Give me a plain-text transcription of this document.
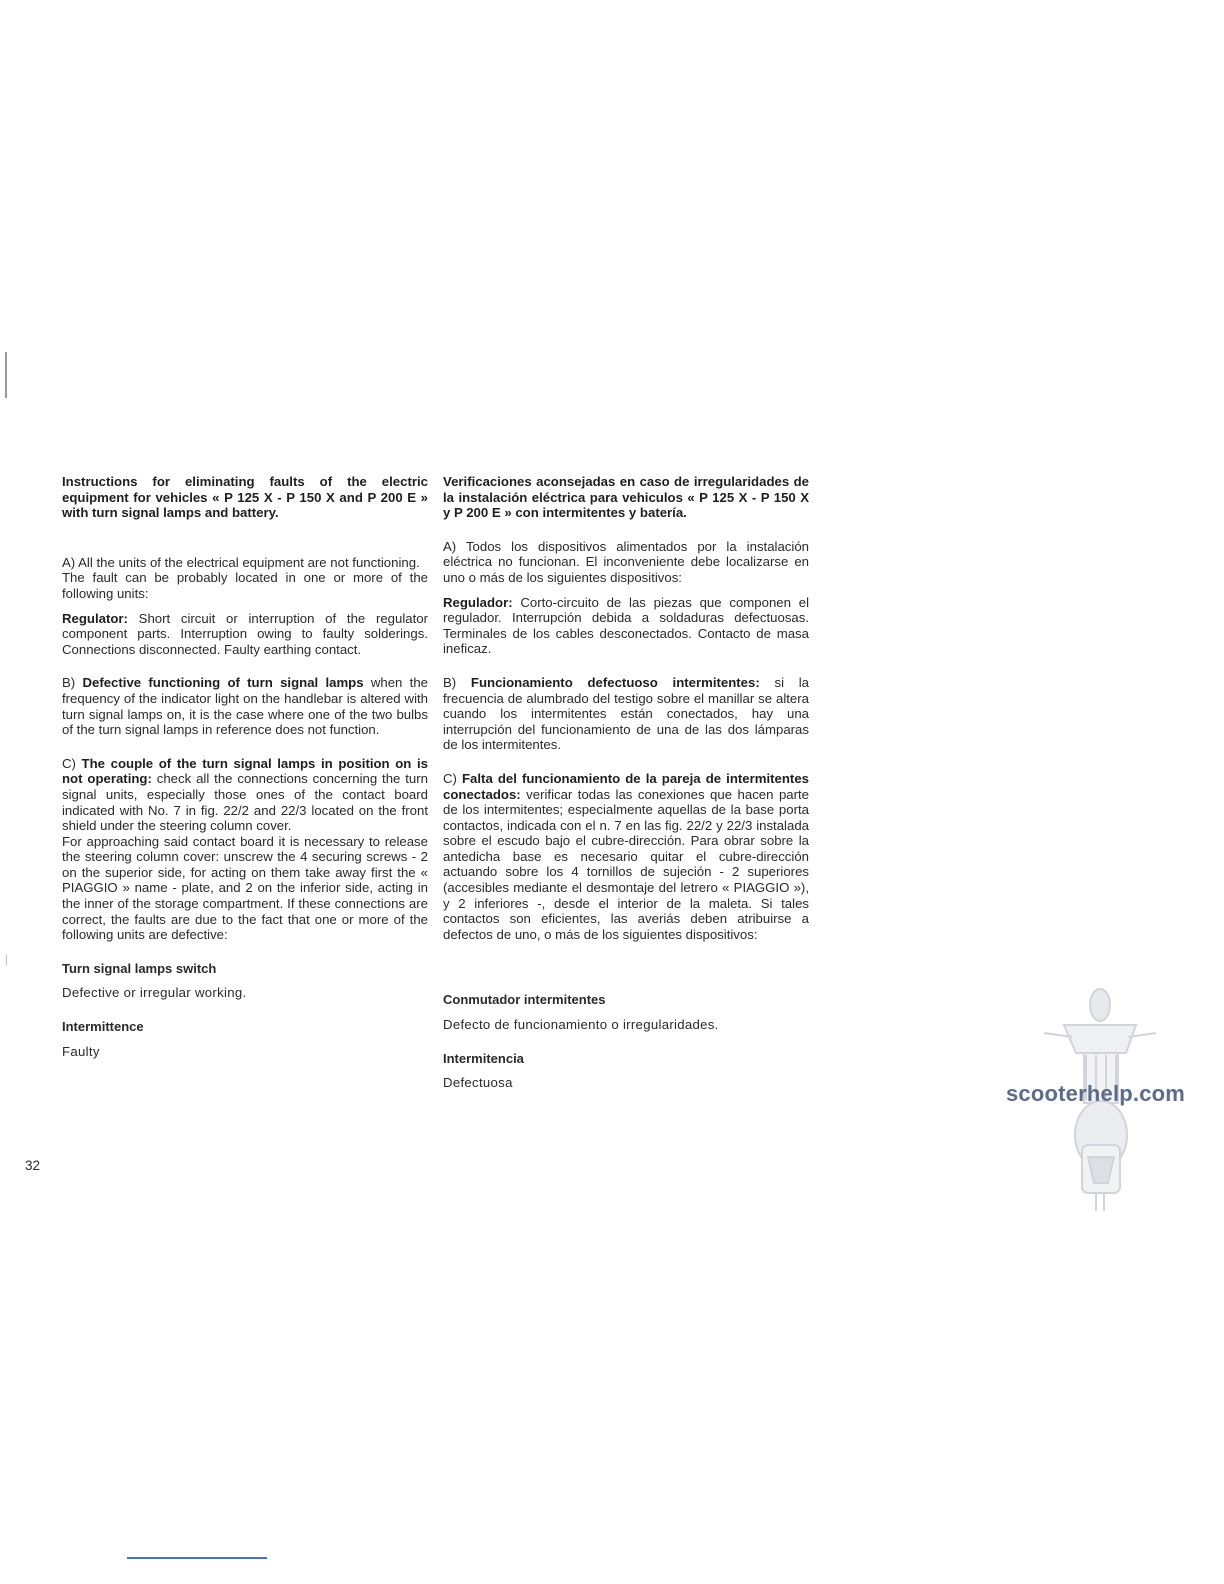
Instructions for eliminating faults of the electric equipment for vehicles « P 125 X - P 150 X and P 200 E » with turn signal lamps and battery.

A) All the units of the electrical equipment are not functioning.

The fault can be probably located in one or more of the following units:

Regulator: Short circuit or interruption of the regulator component parts. Interruption owing to faulty solderings. Connections disconnected. Faulty earthing contact.

B) Defective functioning of turn signal lamps when the frequency of the indicator light on the handlebar is altered with turn signal lamps on, it is the case where one of the two bulbs of the turn signal lamps in reference does not function.

C) The couple of the turn signal lamps in position on is not operating: check all the connections concerning the turn signal units, especially those ones of the contact board indicated with No. 7 in fig. 22/2 and 22/3 located on the front shield under the steering column cover.

For approaching said contact board it is necessary to release the steering column cover: unscrew the 4 securing screws - 2 on the superior side, for acting on them take away first the « PIAGGIO » name - plate, and 2 on the inferior side, acting in the inner of the storage compartment. If these connections are correct, the faults are due to the fact that one or more of the following units are defective:

Turn signal lamps switch

Defective or irregular working.

Intermittence

Faulty

Verificaciones aconsejadas en caso de irregularidades de la instalación eléctrica para vehiculos « P 125 X - P 150 X y P 200 E » con intermitentes y batería.

A) Todos los dispositivos alimentados por la instalación eléctrica no funcionan. El inconveniente debe localizarse en uno o más de los siguientes dispositivos:

Regulador: Corto-circuito de las piezas que componen el regulador. Interrupción debida a soldaduras defectuosas. Terminales de los cables desconectados. Contacto de masa ineficaz.

B) Funcionamiento defectuoso intermitentes: si la frecuencia de alumbrado del testigo sobre el manillar se altera cuando los intermitentes están conectados, hay una interrupción del funcionamiento de una de las dos lámparas de los intermitentes.

C) Falta del funcionamiento de la pareja de intermitentes conectados: verificar todas las conexiones que hacen parte de los intermitentes; especialmente aquellas de la base porta contactos, indicada con el n. 7 en las fig. 22/2 y 22/3 instalada sobre el escudo bajo el cubre-dirección. Para obrar sobre la antedicha base es necesario quitar el cubre-dirección actuando sobre los 4 tornillos de sujeción - 2 superiores (accesibles mediante el desmontaje del letrero « PIAGGIO »), y 2 inferiores -, desde el interior de la maleta. Si tales contactos son eficientes, las averiás deben atribuirse a defectos de uno, o más de los siguientes dispositivos:

Conmutador intermitentes

Defecto de funcionamiento o irregularidades.

Intermitencia

Defectuosa

32
scooterhelp.com
